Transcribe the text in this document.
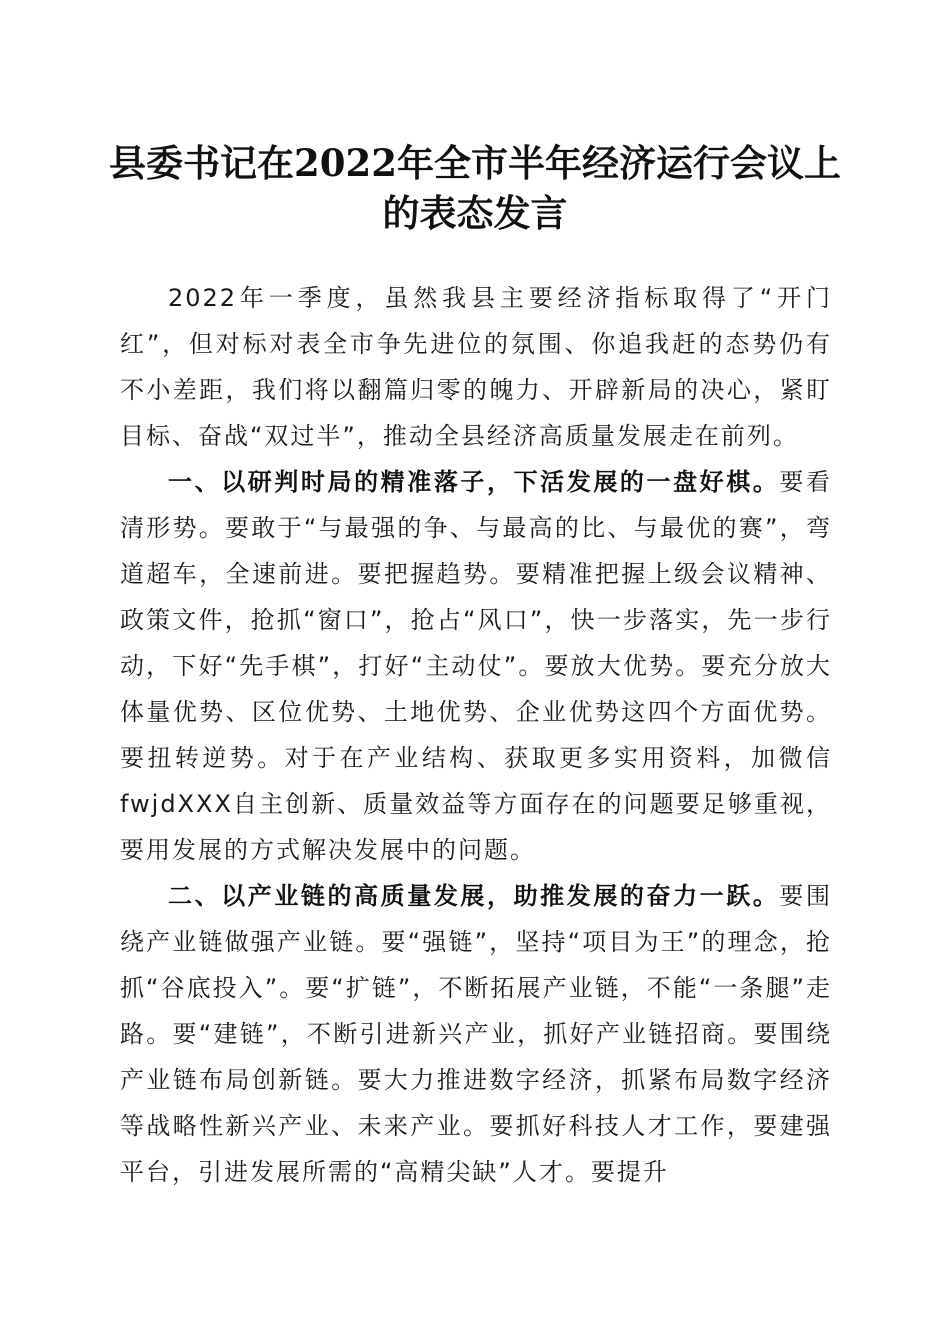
县委书记在2022年全市半年经济运行会议上
的表态发言

2022年一季度，虽然我县主要经济指标取得了“开门红”，但对标对表全市争先进位的氛围、你追我赶的态势仍有不小差距，我们将以翻篇归零的魄力、开辟新局的决心，紧盯目标、奋战“双过半”，推动全县经济高质量发展走在前列。

一、以研判时局的精准落子，下活发展的一盘好棋。要看清形势。要敢于“与最强的争、与最高的比、与最优的赛”，弯道超车，全速前进。要把握趋势。要精准把握上级会议精神、政策文件，抢抓“窗口”，抢占“风口”，快一步落实，先一步行动，下好“先手棋”，打好“主动仗”。要放大优势。要充分放大体量优势、区位优势、土地优势、企业优势这四个方面优势。要扭转逆势。对于在产业结构、获取更多实用资料，加微信fwjdXXX自主创新、质量效益等方面存在的问题要足够重视，要用发展的方式解决发展中的问题。

二、以产业链的高质量发展，助推发展的奋力一跃。要围绕产业链做强产业链。要“强链”，坚持“项目为王”的理念，抢抓“谷底投入”。要“扩链”，不断拓展产业链，不能“一条腿”走路。要“建链”，不断引进新兴产业，抓好产业链招商。要围绕产业链布局创新链。要大力推进数字经济，抓紧布局数字经济等战略性新兴产业、未来产业。要抓好科技人才工作，要建强平台，引进发展所需的“高精尖缺”人才。要提升
